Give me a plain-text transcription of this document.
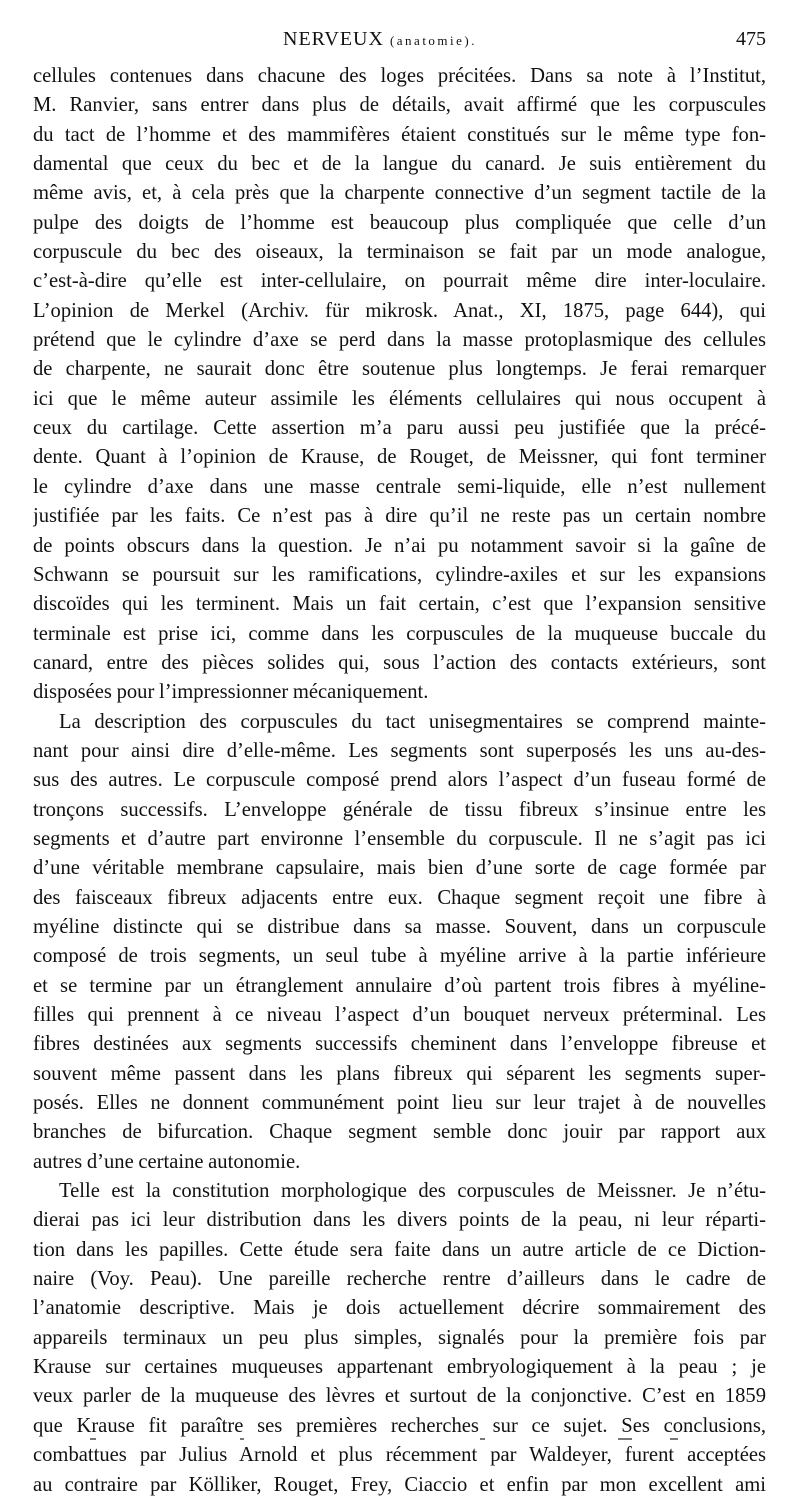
NERVEUX (anatomie).	475
cellules contenues dans chacune des loges précitées. Dans sa note à l’Institut,
M. Ranvier, sans entrer dans plus de détails, avait affirmé que les corpuscules
du tact de l’homme et des mammifères étaient constitués sur le même type fon-
damental que ceux du bec et de la langue du canard. Je suis entièrement du
même avis, et, à cela près que la charpente connective d’un segment tactile de la
pulpe des doigts de l’homme est beaucoup plus compliquée que celle d’un
corpuscule du bec des oiseaux, la terminaison se fait par un mode analogue,
c’est-à-dire qu’elle est inter-cellulaire, on pourrait même dire inter-loculaire.
L’opinion de Merkel (Archiv. für mikrosk. Anat., XI, 1875, page 644), qui
prétend que le cylindre d’axe se perd dans la masse protoplasmique des cellules
de charpente, ne saurait donc être soutenue plus longtemps. Je ferai remarquer
ici que le même auteur assimile les éléments cellulaires qui nous occupent à
ceux du cartilage. Cette assertion m’a paru aussi peu justifiée que la précé-
dente. Quant à l’opinion de Krause, de Rouget, de Meissner, qui font terminer
le cylindre d’axe dans une masse centrale semi-liquide, elle n’est nullement
justifiée par les faits. Ce n’est pas à dire qu’il ne reste pas un certain nombre
de points obscurs dans la question. Je n’ai pu notamment savoir si la gaîne de
Schwann se poursuit sur les ramifications, cylindre-axiles et sur les expansions
discoïdes qui les terminent. Mais un fait certain, c’est que l’expansion sensitive
terminale est prise ici, comme dans les corpuscules de la muqueuse buccale du
canard, entre des pièces solides qui, sous l’action des contacts extérieurs, sont
disposées pour l’impressionner mécaniquement.
La description des corpuscules du tact unisegmentaires se comprend mainte-
nant pour ainsi dire d’elle-même. Les segments sont superposés les uns au-des-
sus des autres. Le corpuscule composé prend alors l’aspect d’un fuseau formé de
tronçons successifs. L’enveloppe générale de tissu fibreux s’insinue entre les
segments et d’autre part environne l’ensemble du corpuscule. Il ne s’agit pas ici
d’une véritable membrane capsulaire, mais bien d’une sorte de cage formée par
des faisceaux fibreux adjacents entre eux. Chaque segment reçoit une fibre à
myéline distincte qui se distribue dans sa masse. Souvent, dans un corpuscule
composé de trois segments, un seul tube à myéline arrive à la partie inférieure
et se termine par un étranglement annulaire d’où partent trois fibres à myéline-
filles qui prennent à ce niveau l’aspect d’un bouquet nerveux préterminal. Les
fibres destinées aux segments successifs cheminent dans l’enveloppe fibreuse et
souvent même passent dans les plans fibreux qui séparent les segments super-
posés. Elles ne donnent communément point lieu sur leur trajet à de nouvelles
branches de bifurcation. Chaque segment semble donc jouir par rapport aux
autres d’une certaine autonomie.
Telle est la constitution morphologique des corpuscules de Meissner. Je n’étu-
dierai pas ici leur distribution dans les divers points de la peau, ni leur réparti-
tion dans les papilles. Cette étude sera faite dans un autre article de ce Diction-
naire (Voy. Peau). Une pareille recherche rentre d’ailleurs dans le cadre de
l’anatomie descriptive. Mais je dois actuellement décrire sommairement des
appareils terminaux un peu plus simples, signalés pour la première fois par
Krause sur certaines muqueuses appartenant embryologiquement à la peau ; je
veux parler de la muqueuse des lèvres et surtout de la conjonctive. C’est en 1859
que Krause fit paraître ses premières recherches sur ce sujet. Ses conclusions,
combattues par Julius Arnold et plus récemment par Waldeyer, furent acceptées
au contraire par Kölliker, Rouget, Frey, Ciaccio et enfin par mon excellent ami
